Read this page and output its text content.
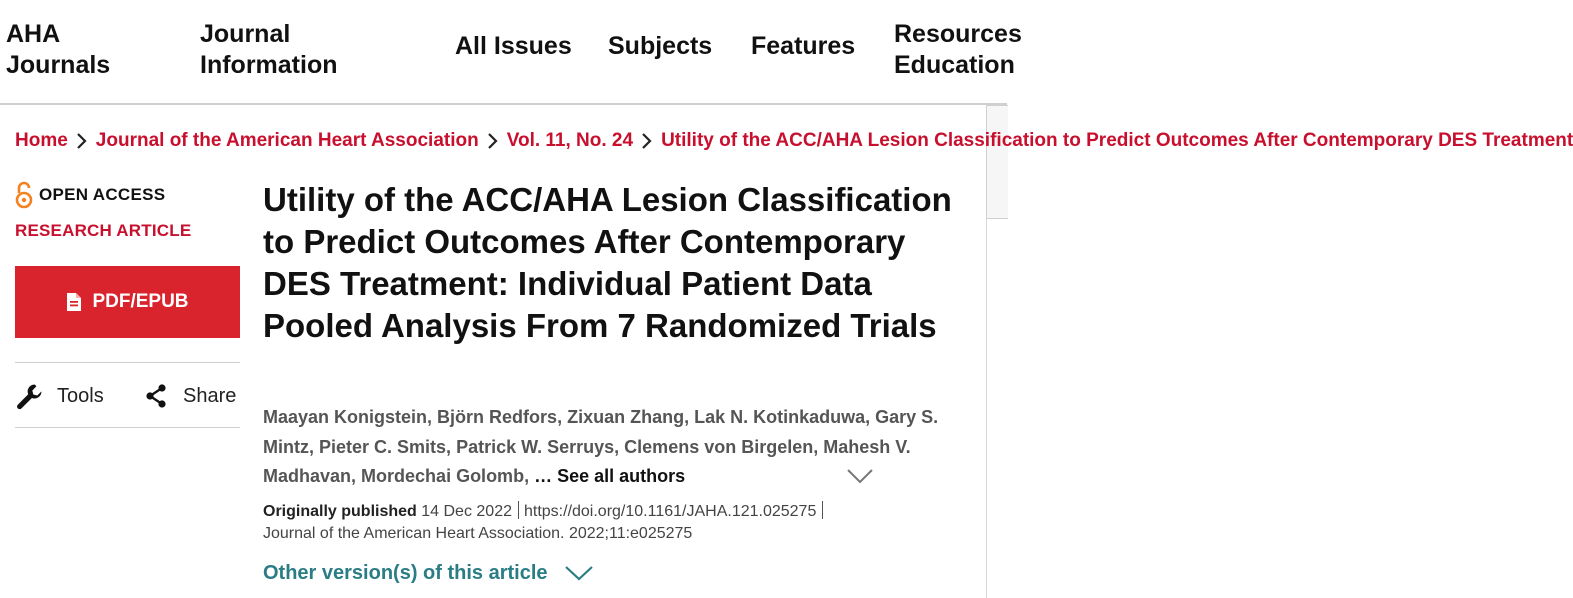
AHA
Journals
Journal
Information
All Issues Subjects Features Resources
Education
Home Journal of the American Heart Association Vol. 11, No. 24 Utility of the ACC/AHA Lesion Classification to Predict Outcomes After Contemporary DES Treatment
OPEN ACCESS
RESEARCH ARTICLE
PDF/EPUB
Tools	Share
Utility of the ACC/AHA Lesion Classification to Predict Outcomes After Contemporary DES Treatment: Individual Patient Data Pooled Analysis From 7 Randomized Trials
Maayan Konigstein, Björn Redfors, Zixuan Zhang, Lak N. Kotinkaduwa, Gary S. Mintz, Pieter C. Smits, Patrick W. Serruys, Clemens von Birgelen, Mahesh V. Madhavan, Mordechai Golomb, … See all authors
Originally published 14 Dec 2022 https://doi.org/10.1161/JAHA.121.025275
Journal of the American Heart Association. 2022;11:e025275
Other version(s) of this article
